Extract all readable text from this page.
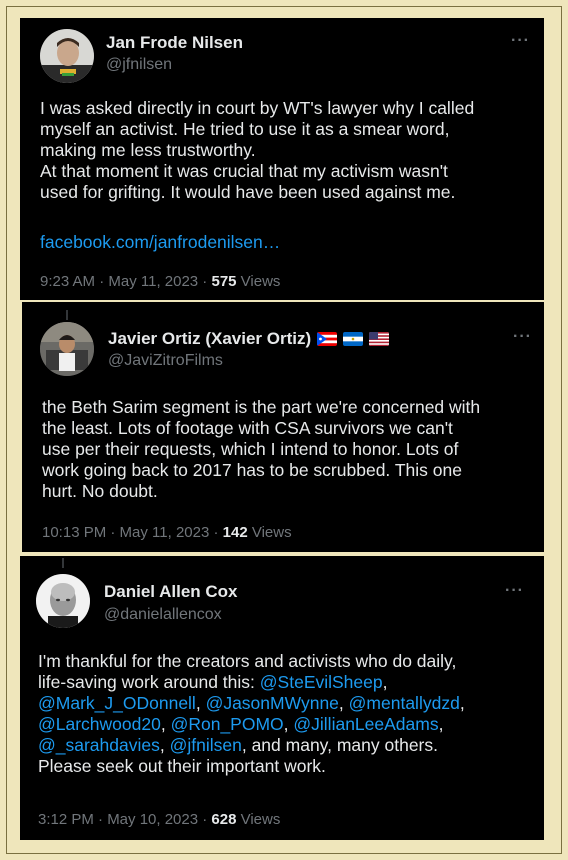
Jan Frode Nilsen
@jfnilsen
···
I was asked directly in court by WT's lawyer why I called
myself an activist. He tried to use it as a smear word,
making me less trustworthy.
At that moment it was crucial that my activism wasn't
used for grifting. It would have been used against me.
facebook.com/janfrodenilsen…
9:23 AM · May 11, 2023 · 575 Views
Javier Ortiz (Xavier Ortiz)
@JaviZitroFilms
···
the Beth Sarim segment is the part we're concerned with
the least. Lots of footage with CSA survivors we can't
use per their requests, which I intend to honor. Lots of
work going back to 2017 has to be scrubbed. This one
hurt. No doubt.
10:13 PM · May 11, 2023 · 142 Views
Daniel Allen Cox
@danielallencox
···
I'm thankful for the creators and activists who do daily,
life-saving work around this: @SteEvilSheep,
@Mark_J_ODonnell, @JasonMWynne, @mentallydzd,
@Larchwood20, @Ron_POMO, @JillianLeeAdams,
@_sarahdavies, @jfnilsen, and many, many others.
Please seek out their important work.
3:12 PM · May 10, 2023 · 628 Views
